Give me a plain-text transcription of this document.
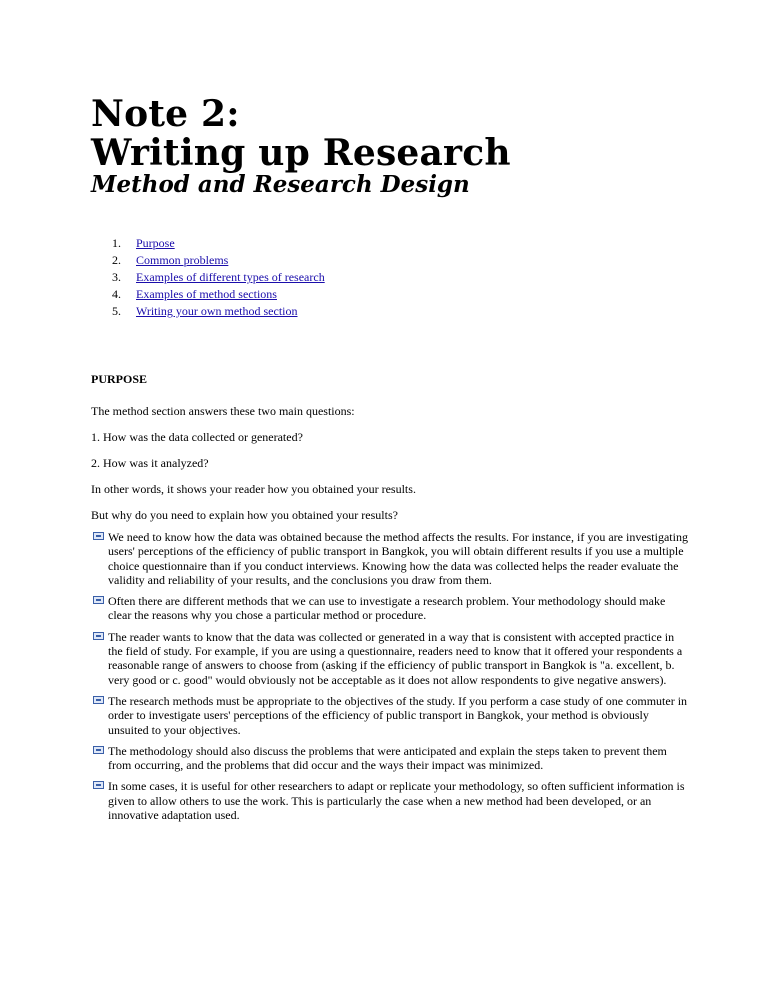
Note 2:
Writing up Research
Method and Research Design
1. Purpose
2. Common problems
3. Examples of different types of research
4. Examples of method sections
5. Writing your own method section
PURPOSE

The method section answers these two main questions:

1. How was the data collected or generated?

2. How was it analyzed?

In other words, it shows your reader how you obtained your results.

But why do you need to explain how you obtained your results?

We need to know how the data was obtained because the method affects the results. For instance, if you are investigating users' perceptions of the efficiency of public transport in Bangkok, you will obtain different results if you use a multiple choice questionnaire than if you conduct interviews. Knowing how the data was collected helps the reader evaluate the validity and reliability of your results, and the conclusions you draw from them.
Often there are different methods that we can use to investigate a research problem. Your methodology should make clear the reasons why you chose a particular method or procedure.
The reader wants to know that the data was collected or generated in a way that is consistent with accepted practice in the field of study. For example, if you are using a questionnaire, readers need to know that it offered your respondents a reasonable range of answers to choose from (asking if the efficiency of public transport in Bangkok is "a. excellent, b. very good or c. good" would obviously not be acceptable as it does not allow respondents to give negative answers).
The research methods must be appropriate to the objectives of the study. If you perform a case study of one commuter in order to investigate users' perceptions of the efficiency of public transport in Bangkok, your method is obviously unsuited to your objectives.
The methodology should also discuss the problems that were anticipated and explain the steps taken to prevent them from occurring, and the problems that did occur and the ways their impact was minimized.
In some cases, it is useful for other researchers to adapt or replicate your methodology, so often sufficient information is given to allow others to use the work. This is particularly the case when a new method had been developed, or an innovative adaptation used.
